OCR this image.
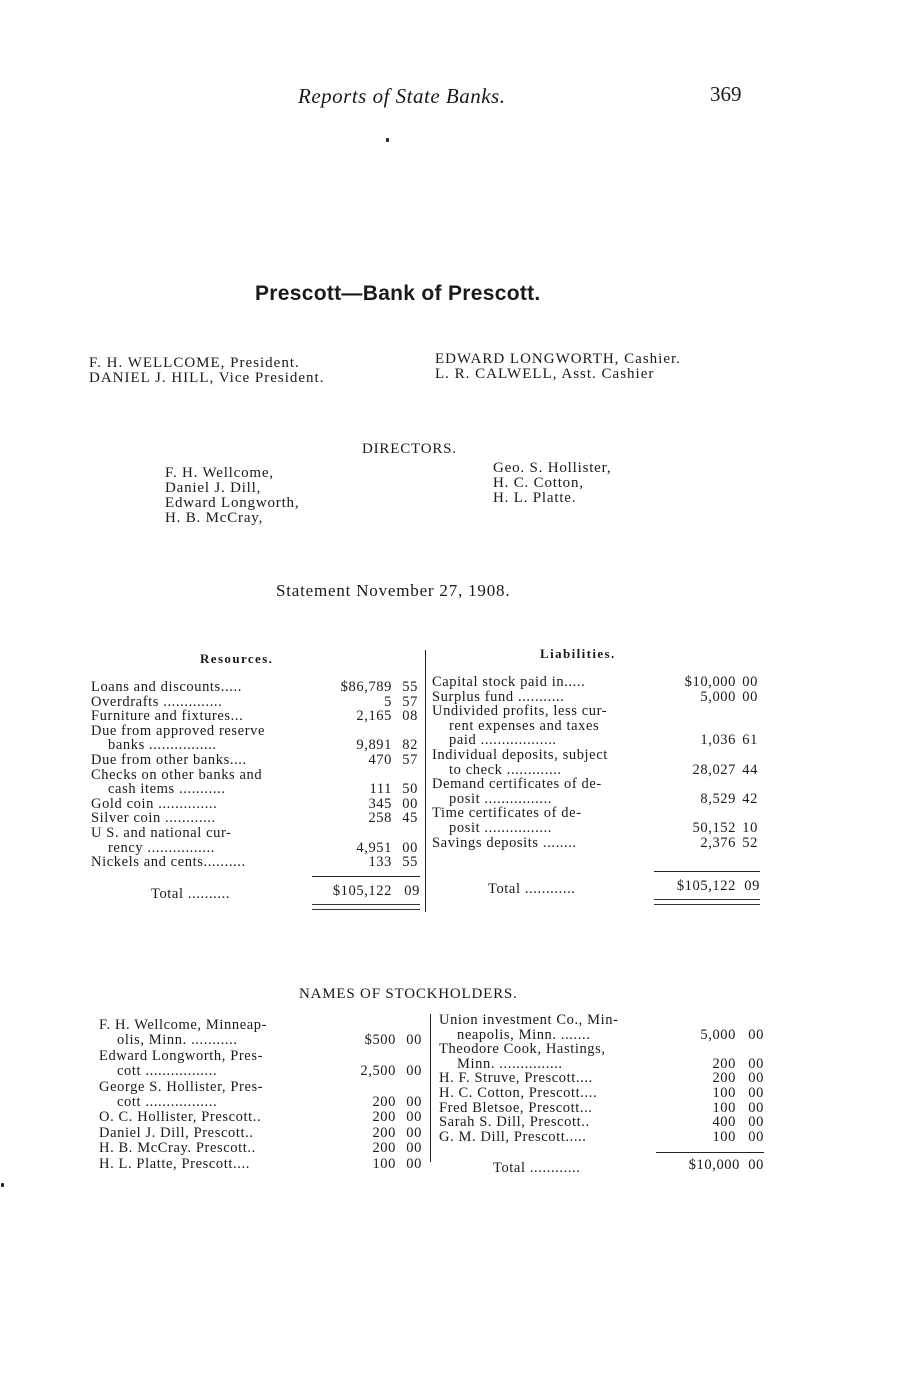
Reports of State Banks.	369
Prescott—Bank of Prescott.
F. H. WELLCOME, President.
DANIEL J. HILL, Vice President.
EDWARD LONGWORTH, Cashier.
L. R. CALWELL, Asst. Cashier
DIRECTORS.
F. H. Wellcome,
Daniel J. Dill,
Edward Longworth,
H. B. McCray,
Geo. S. Hollister,
H. C. Cotton,
H. L. Platte.
Statement November 27, 1908.
Resources.	Liabilities.
Loans and discounts.....	$86,789 55
Overdrafts ..............	5 57
Furniture and fixtures...	2,165 08
Due from approved reserve
banks ................	9,891 82
Due from other banks....	470 57
Checks on other banks and
cash items ...........	111 50
Gold coin ..............	345 00
Silver coin ............	258 45
U S. and national cur-
rency ................	4,951 00
Nickels and cents..........	133 55
Capital stock paid in.....	$10,000 00
Surplus fund ...........	5,000 00
Undivided profits, less cur-
rent expenses and taxes
paid ..................	1,036 61
Individual deposits, subject
to check .............	28,027 44
Demand certificates of de-
posit ................	8,529 42
Time certificates of de-
posit ................	50,152 10
Savings deposits ........	2,376 52
Total ..........	$105,122 09	Total ............	$105,122 09
NAMES OF STOCKHOLDERS.
F. H. Wellcome, Minneap-
olis, Minn. ...........	$500 00
Edward Longworth, Pres-
cott .................	2,500 00
George S. Hollister, Pres-
cott .................	200 00
O. C. Hollister, Prescott..	200 00
Daniel J. Dill, Prescott..	200 00
H. B. McCray. Prescott..	200 00
H. L. Platte, Prescott....	100 00
Union investment Co., Min-
neapolis, Minn. .......	5,000 00
Theodore Cook, Hastings,
Minn. ...............	200 00
H. F. Struve, Prescott....	200 00
H. C. Cotton, Prescott....	100 00
Fred Bletsoe, Prescott...	100 00
Sarah S. Dill, Prescott..	400 00
G. M. Dill, Prescott.....	100 00
Total ............	$10,000 00
